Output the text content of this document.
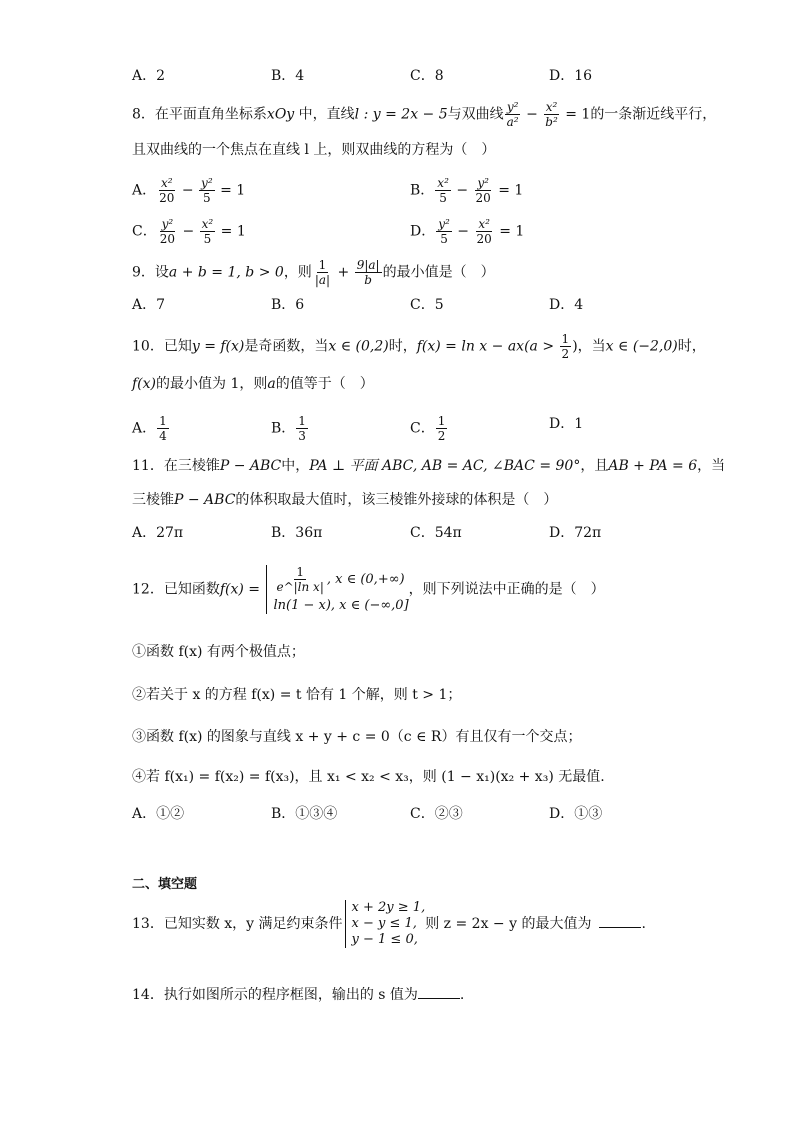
A．2	B．4	C．8	D．16
8．在平面直角坐标系xOy 中，直线l : y = 2x − 5与双曲线 $\frac{\text{y²}}{\text{a²}} - \frac{\text{x²}}{\text{b²}} = 1$的一条渐近线平行，
且双曲线的一个焦点在直线 l 上，则双曲线的方程为（　）
A． $\frac{\text{x²}}{20} - \frac{\text{y²}}{5} = 1$	B． $\frac{\text{x²}}{5} - \frac{\text{y²}}{20} = 1$
C． $\frac{\text{y²}}{20} - \frac{\text{x²}}{5} = 1$	D． $\frac{\text{y²}}{5} - \frac{\text{x²}}{20} = 1$
9．设a + b = 1, b > 0，则 $\frac{1}{|a|} + \frac{9|a|}{b}$ 的最小值是（　）
A．7	B．6	C．5	D．4
10．已知y = f(x)是奇函数，当x ∈ (0,2)时，$f(x) = \ln x - ax(a > \frac{1}{2}$ )，当x ∈ (−2,0)时，
f(x)的最小值为 1，则a的值等于（　）
A． $\frac{1}{4}$	B． $\frac{1}{3}$	C． $\frac{1}{2}$	D．1
11．在三棱锥P − ABC中，PA ⊥ 平面 ABC, AB = AC, ∠BAC = 90°，且AB + PA = 6，当
三棱锥P − ABC的体积取最大值时，该三棱锥外接球的体积是（　）
A．27π	B．36π	C．54π	D．72π
12．已知函数$f(x) = \frac{1}{\text{e\textasciicircum{}|ln x|}}$ , x ∈ (0,+∞)
ln(1 − x), x ∈ (−∞,0]
，则下列说法中正确的是（　）
①函数 f(x) 有两个极值点；
②若关于 x 的方程 f(x) = t 恰有 1 个解，则 t > 1；
③函数 f(x) 的图象与直线 x + y + c = 0（c ∈ R）有且仅有一个交点；
④若 f(x₁) = f(x₂) = f(x₃)，且 x₁ < x₂ < x₃，则 (1 − x₁)(x₂ + x₃) 无最值.
A．①②	B．①③④	C．②③	D．①③
二、填空题
13．已知实数 x，y 满足约束条件
x + 2y ≥ 1,
x − y ≤ 1,
y − 1 ≤ 0,
则 z = 2x − y 的最大值为	.
14．执行如图所示的程序框图，输出的 s 值为	.
